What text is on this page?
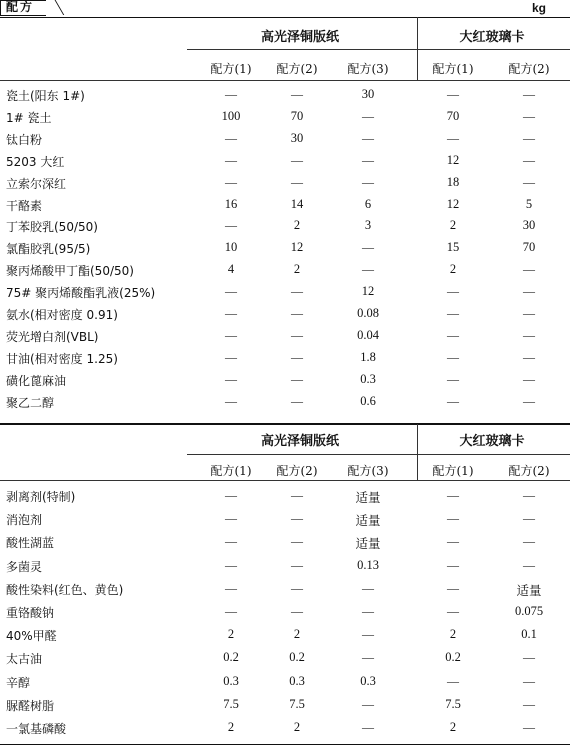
配方	kg
高光泽铜版纸	大红玻璃卡
配方(1)	配方(2)	配方(3)	配方(1)	配方(2)
瓷土(阳东 1#)	—	—	30	—	—
1# 瓷土	100	70	—	70	—
钛白粉	—	30	—	—	—
5203 大红	—	—	—	12	—
立索尔深红	—	—	—	18	—
干酪素	16	14	6	12	5
丁苯胶乳(50/50)	—	2	3	2	30
氯酯胶乳(95/5)	10	12	—	15	70
聚丙烯酸甲丁酯(50/50)	4	2	—	2	—
75# 聚丙烯酸酯乳液(25%)	—	—	12	—	—
氨水(相对密度 0.91)	—	—	0.08	—	—
荧光增白剂(VBL)	—	—	0.04	—	—
甘油(相对密度 1.25)	—	—	1.8	—	—
磺化蓖麻油	—	—	0.3	—	—
聚乙二醇	—	—	0.6	—	—
高光泽铜版纸	大红玻璃卡
配方(1)	配方(2)	配方(3)	配方(1)	配方(2)
剥离剂(特制)	—	—	适量	—	—
消泡剂	—	—	适量	—	—
酸性湖蓝	—	—	适量	—	—
多菌灵	—	—	0.13	—	—
酸性染料(红色、黄色)	—	—	—	—	适量
重铬酸钠	—	—	—	—	0.075
40%甲醛	2	2	—	2	0.1
太古油	0.2	0.2	—	0.2	—
辛醇	0.3	0.3	0.3	—	—
脲醛树脂	7.5	7.5	—	7.5	—
一氯基磷酸	2	2	—	2	—
